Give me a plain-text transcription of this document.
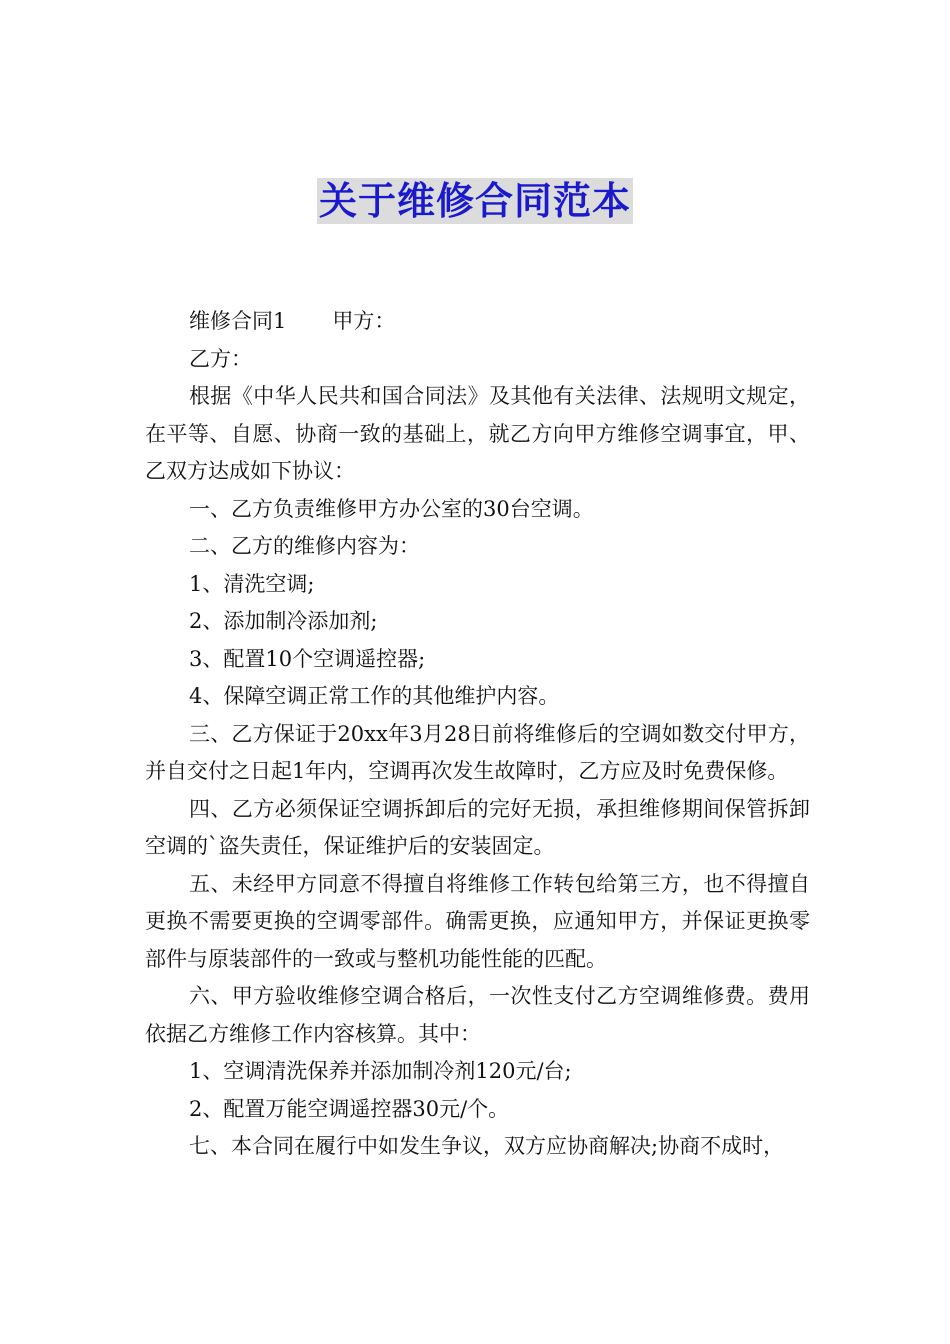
关于维修合同范本

维修合同1 甲方：

乙方：

根据《中华人民共和国合同法》及其他有关法律、法规明文规定，在平等、自愿、协商一致的基础上，就乙方向甲方维修空调事宜，甲、乙双方达成如下协议：

一、乙方负责维修甲方办公室的30台空调。

二、乙方的维修内容为：

1、清洗空调;

2、添加制冷添加剂;

3、配置10个空调遥控器;

4、保障空调正常工作的其他维护内容。

三、乙方保证于20xx年3月28日前将维修后的空调如数交付甲方，并自交付之日起1年内，空调再次发生故障时，乙方应及时免费保修。

四、乙方必须保证空调拆卸后的完好无损，承担维修期间保管拆卸空调的`盗失责任，保证维护后的安装固定。

五、未经甲方同意不得擅自将维修工作转包给第三方，也不得擅自更换不需要更换的空调零部件。确需更换，应通知甲方，并保证更换零部件与原装部件的一致或与整机功能性能的匹配。

六、甲方验收维修空调合格后，一次性支付乙方空调维修费。费用依据乙方维修工作内容核算。其中：

1、空调清洗保养并添加制冷剂120元/台;

2、配置万能空调遥控器30元/个。

七、本合同在履行中如发生争议，双方应协商解决;协商不成时，
